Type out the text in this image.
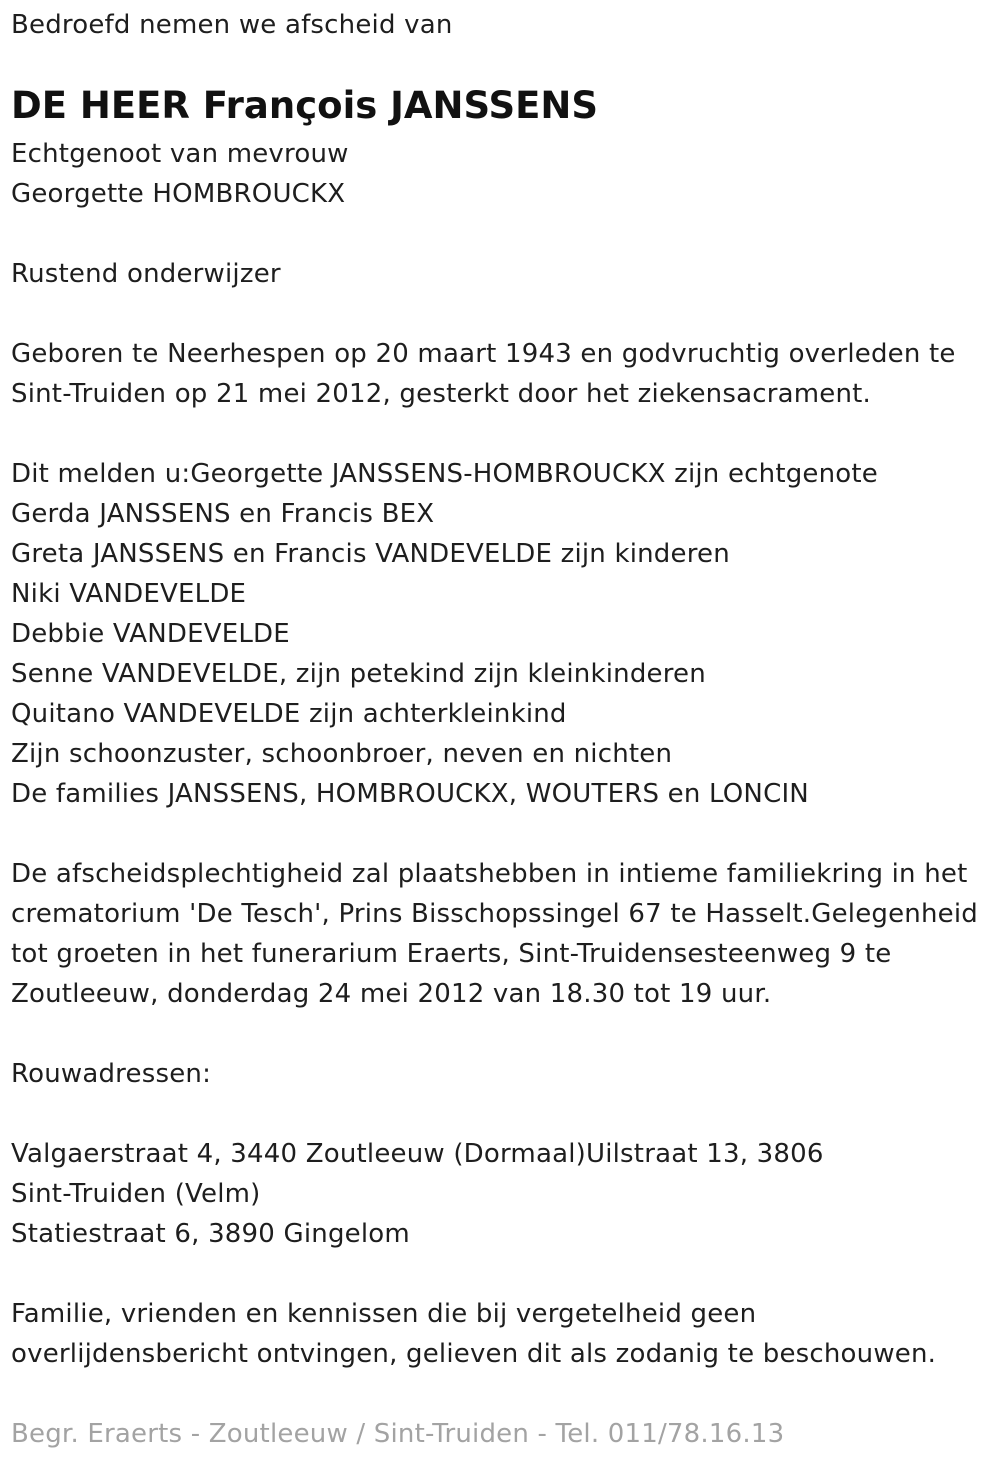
Bedroefd nemen we afscheid van
DE HEER François JANSSENS
Echtgenoot van mevrouw
Georgette HOMBROUCKX
Rustend onderwijzer
Geboren te Neerhespen op 20 maart 1943 en godvruchtig overleden te
Sint-Truiden op 21 mei 2012, gesterkt door het ziekensacrament.
Dit melden u:Georgette JANSSENS-HOMBROUCKX zijn echtgenote
Gerda JANSSENS en Francis BEX
Greta JANSSENS en Francis VANDEVELDE zijn kinderen
Niki VANDEVELDE
Debbie VANDEVELDE
Senne VANDEVELDE, zijn petekind zijn kleinkinderen
Quitano VANDEVELDE zijn achterkleinkind
Zijn schoonzuster, schoonbroer, neven en nichten
De families JANSSENS, HOMBROUCKX, WOUTERS en LONCIN
De afscheidsplechtigheid zal plaatshebben in intieme familiekring in het
crematorium 'De Tesch', Prins Bisschopssingel 67 te Hasselt.Gelegenheid
tot groeten in het funerarium Eraerts, Sint-Truidensesteenweg 9 te
Zoutleeuw, donderdag 24 mei 2012 van 18.30 tot 19 uur.
Rouwadressen:
Valgaerstraat 4, 3440 Zoutleeuw (Dormaal)Uilstraat 13, 3806
Sint-Truiden (Velm)
Statiestraat 6, 3890 Gingelom
Familie, vrienden en kennissen die bij vergetelheid geen
overlijdensbericht ontvingen, gelieven dit als zodanig te beschouwen.
Begr. Eraerts - Zoutleeuw / Sint-Truiden - Tel. 011/78.16.13
